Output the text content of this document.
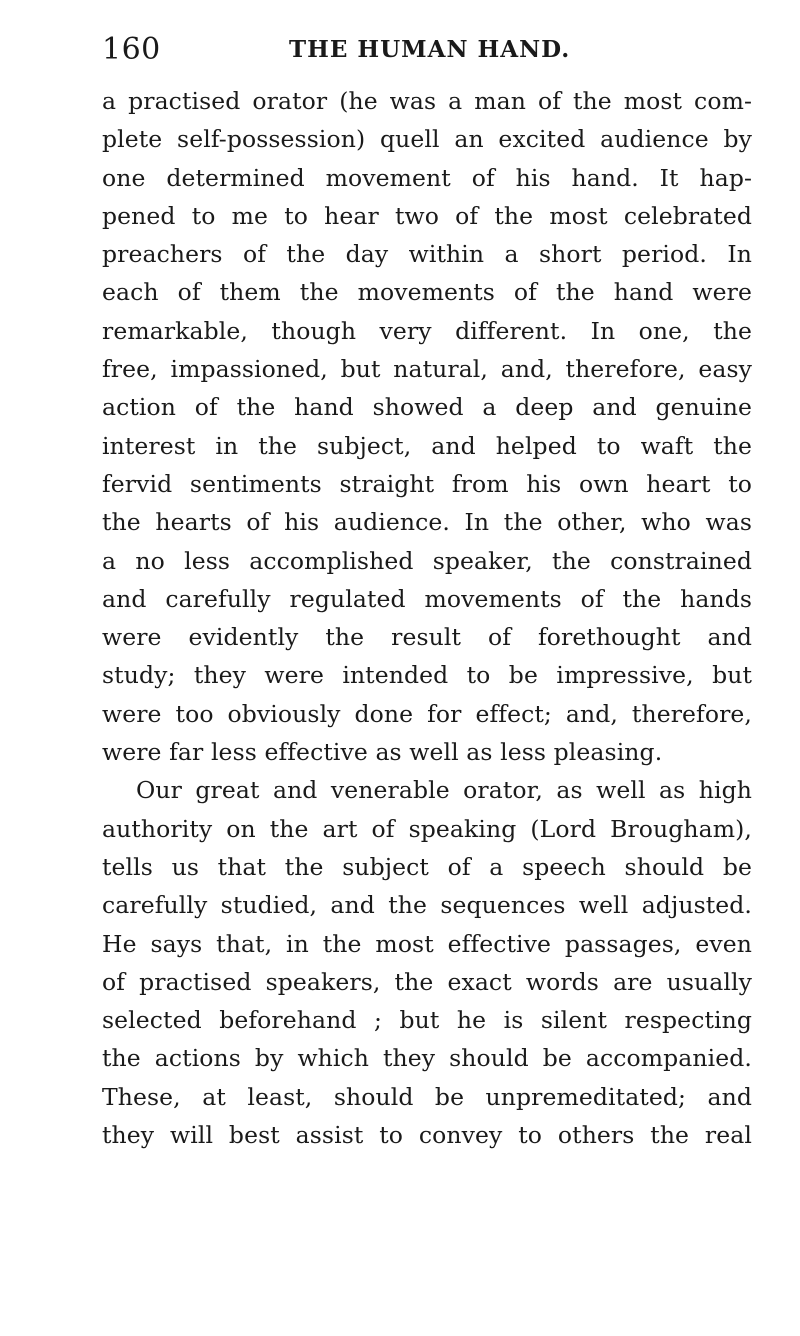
160	THE HUMAN HAND.
a practised orator (he was a man of the most com-
plete self-possession) quell an excited audience by
one determined movement of his hand. It hap-
pened to me to hear two of the most celebrated
preachers of the day within a short period. In
each of them the movements of the hand were
remarkable, though very different. In one, the
free, impassioned, but natural, and, therefore, easy
action of the hand showed a deep and genuine
interest in the subject, and helped to waft the
fervid sentiments straight from his own heart to
the hearts of his audience. In the other, who was
a no less accomplished speaker, the constrained
and carefully regulated movements of the hands
were evidently the result of forethought and
study; they were intended to be impressive, but
were too obviously done for effect; and, therefore,
were far less effective as well as less pleasing.
Our great and venerable orator, as well as high
authority on the art of speaking (Lord Brougham),
tells us that the subject of a speech should be
carefully studied, and the sequences well adjusted.
He says that, in the most effective passages, even
of practised speakers, the exact words are usually
selected beforehand ; but he is silent respecting
the actions by which they should be accompanied.
These, at least, should be unpremeditated; and
they will best assist to convey to others the real
